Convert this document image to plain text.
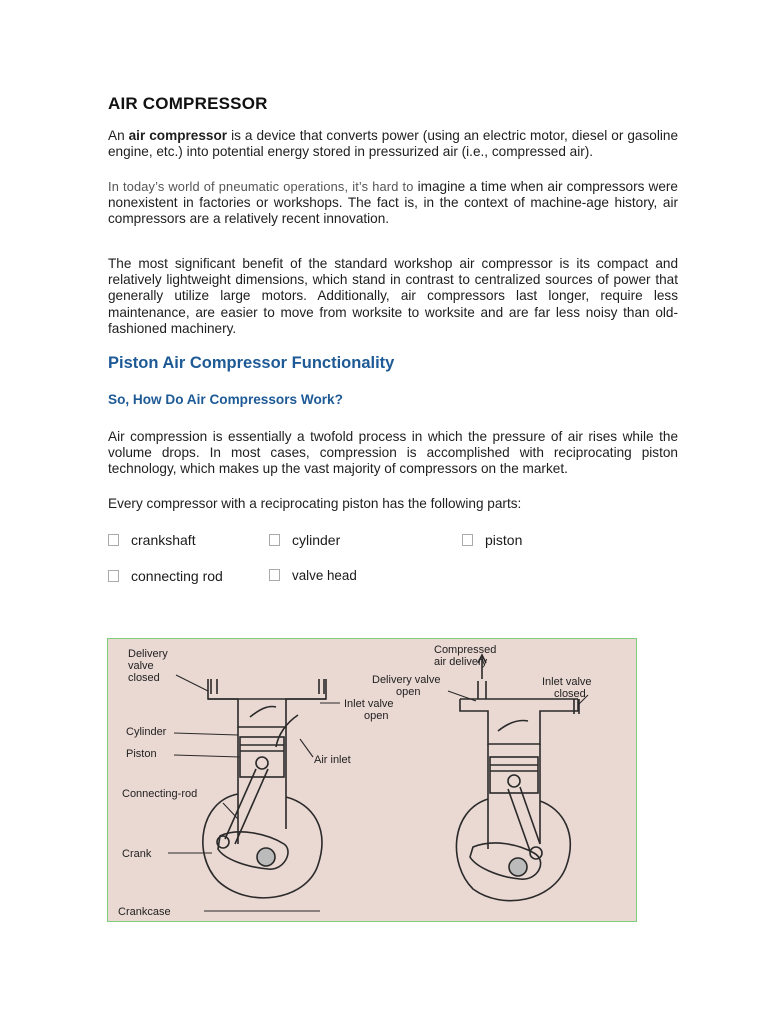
AIR COMPRESSOR

An air compressor is a device that converts power (using an electric motor, diesel or gasoline engine, etc.) into potential energy stored in pressurized air (i.e., compressed air).

In today’s world of pneumatic operations, it’s hard to imagine a time when air compressors were nonexistent in factories or workshops. The fact is, in the context of machine-age history, air compressors are a relatively recent innovation.

The most significant benefit of the standard workshop air compressor is its compact and relatively lightweight dimensions, which stand in contrast to centralized sources of power that generally utilize large motors. Additionally, air compressors last longer, require less maintenance, are easier to move from worksite to worksite and are far less noisy than old-fashioned machinery.

Piston Air Compressor Functionality
So, How Do Air Compressors Work?

Air compression is essentially a twofold process in which the pressure of air rises while the volume drops. In most cases, compression is accomplished with reciprocating piston technology, which makes up the vast majority of compressors on the market.

Every compressor with a reciprocating piston has the following parts:

crankshaft	cylinder	piston
connecting rod	valve head
Delivery
valve
closed
Cylinder
Piston
Connecting-rod
Crank
Crankcase
Inlet valve
open
Air inlet
Compressed
air delivery
Delivery valve
open
Inlet valve
closed
